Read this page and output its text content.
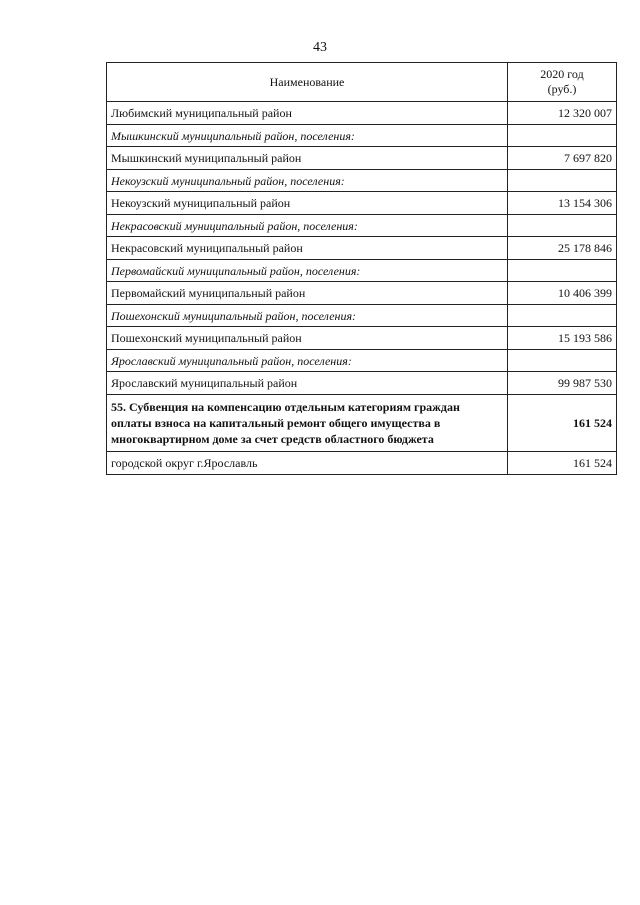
43
Наименование	2020 год
(руб.)
Любимский муниципальный район	12 320 007
Мышкинский муниципальный район, поселения:	
Мышкинский муниципальный район	7 697 820
Некоузский муниципальный район, поселения:	
Некоузский муниципальный район	13 154 306
Некрасовский муниципальный район, поселения:	
Некрасовский муниципальный район	25 178 846
Первомайский муниципальный район, поселения:	
Первомайский муниципальный район	10 406 399
Пошехонский муниципальный район, поселения:	
Пошехонский муниципальный район	15 193 586
Ярославский муниципальный район, поселения:	
Ярославский муниципальный район	99 987 530
55. Субвенция на компенсацию отдельным категориям граждан оплаты взноса на капитальный ремонт общего имущества в многоквартирном доме за счет средств областного бюджета	161 524
городской округ г.Ярославль	161 524
